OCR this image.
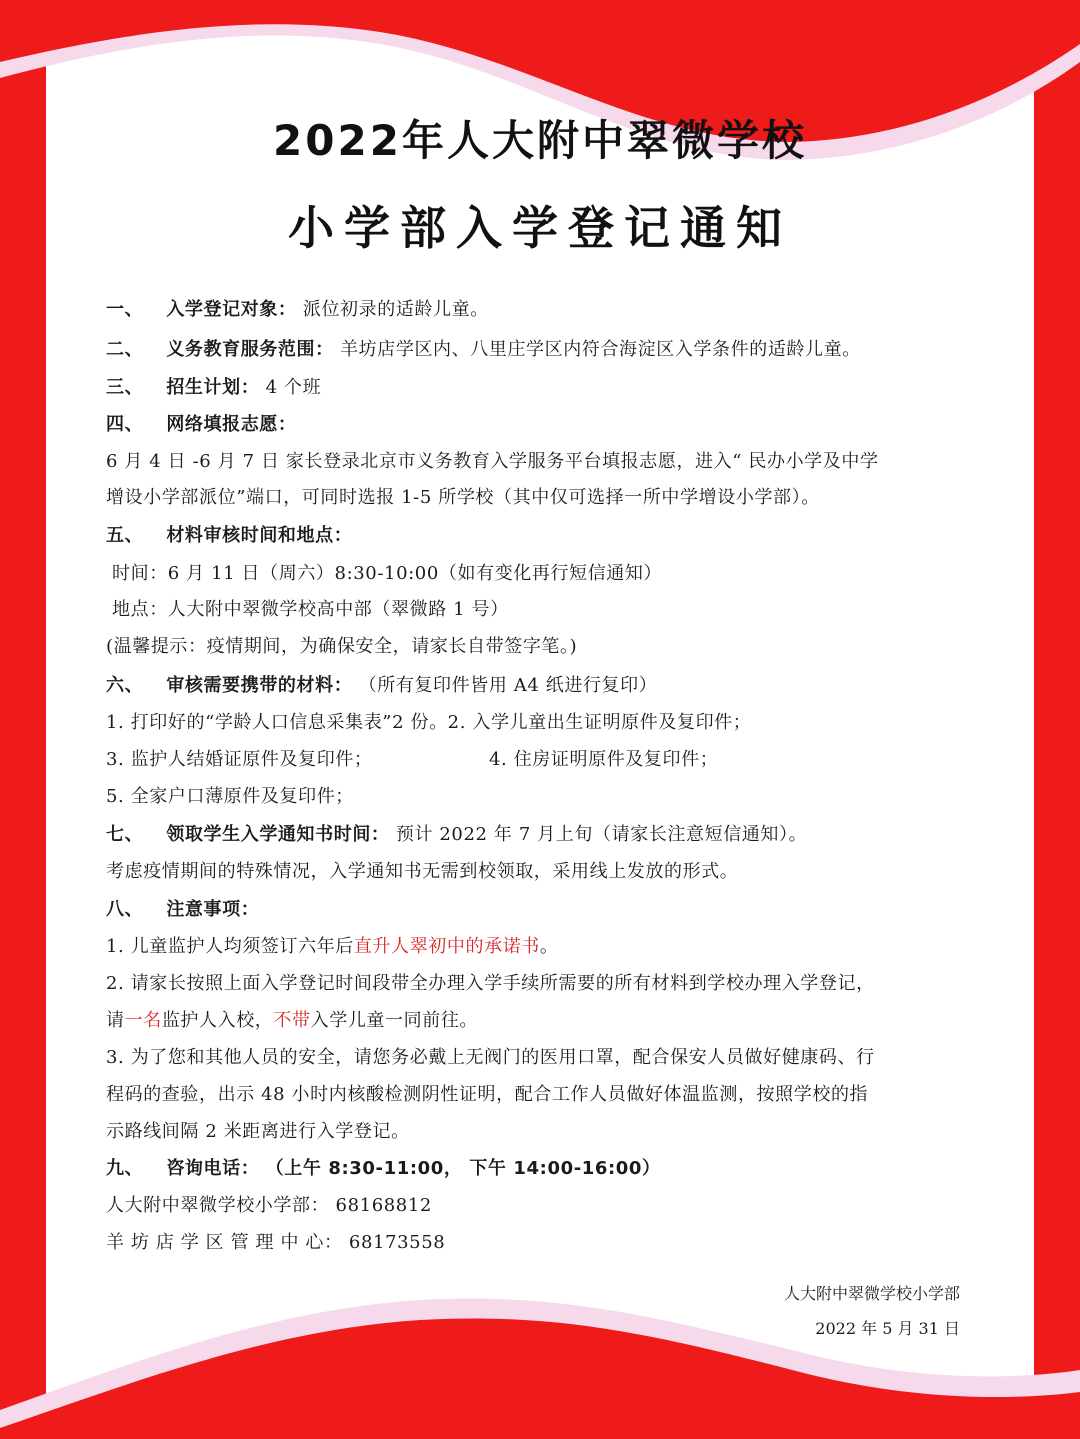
2022年人大附中翠微学校
小学部入学登记通知
一、 入学登记对象： 派位初录的适龄儿童。
二、 义务教育服务范围： 羊坊店学区内、八里庄学区内符合海淀区入学条件的适龄儿童。
三、 招生计划： 4 个班
四、 网络填报志愿：
6 月 4 日 -6 月 7 日 家长登录北京市义务教育入学服务平台填报志愿，进入“ 民办小学及中学
增设小学部派位”端口，可同时选报 1-5 所学校（其中仅可选择一所中学增设小学部）。
五、 材料审核时间和地点：
时间：6 月 11 日（周六）8:30-10:00（如有变化再行短信通知）
地点：人大附中翠微学校高中部（翠微路 1 号）
(温馨提示：疫情期间，为确保安全，请家长自带签字笔。)
六、 审核需要携带的材料： （所有复印件皆用 A4 纸进行复印）
1. 打印好的“学龄人口信息采集表”2 份。2. 入学儿童出生证明原件及复印件；
3. 监护人结婚证原件及复印件；	4. 住房证明原件及复印件；
5. 全家户口薄原件及复印件；
七、 领取学生入学通知书时间： 预计 2022 年 7 月上旬（请家长注意短信通知）。
考虑疫情期间的特殊情况，入学通知书无需到校领取，采用线上发放的形式。
八、 注意事项：
1. 儿童监护人均须签订六年后直升人翠初中的承诺书。
2. 请家长按照上面入学登记时间段带全办理入学手续所需要的所有材料到学校办理入学登记，
请一名监护人入校，不带入学儿童一同前往。
3. 为了您和其他人员的安全，请您务必戴上无阀门的医用口罩，配合保安人员做好健康码、行
程码的查验，出示 48 小时内核酸检测阴性证明，配合工作人员做好体温监测，按照学校的指
示路线间隔 2 米距离进行入学登记。
九、 咨询电话： （上午 8:30-11:00， 下午 14:00-16:00）
人大附中翠微学校小学部： 68168812
羊 坊 店 学 区 管 理 中 心： 68173558
人大附中翠微学校小学部
2022 年 5 月 31 日
